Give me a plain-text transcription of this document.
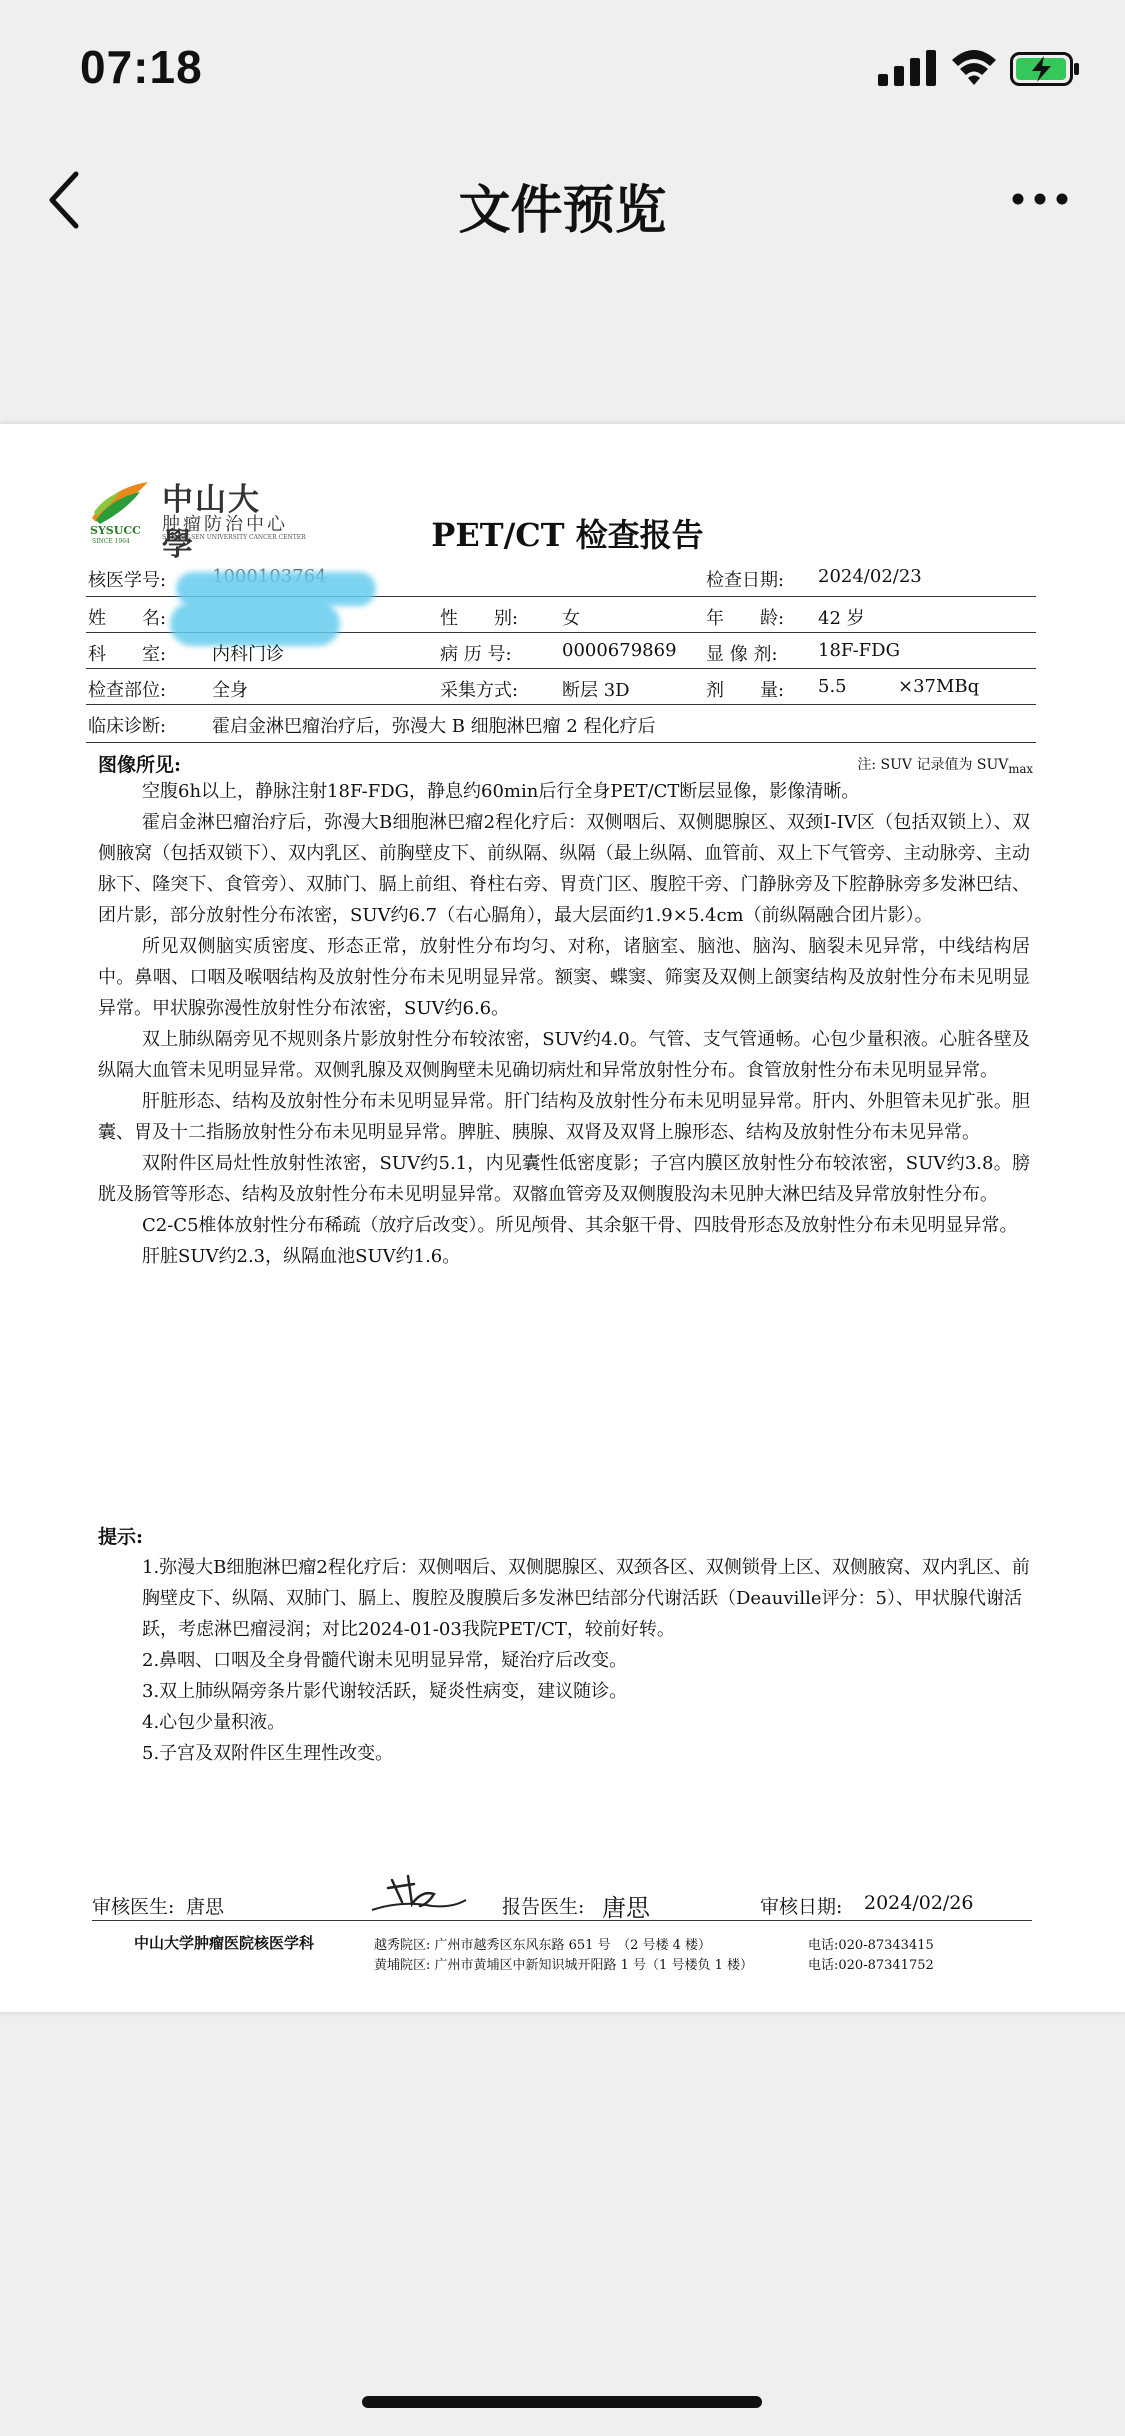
07:18
文件预览
SYSUCC
SINCE 1964
中山大學
肿瘤防治中心
SUN YAT-SEN UNIVERSITY CANCER CENTER	PET/CT 检查报告
核医学号:	检查日期: 2024/02/23
姓　　名:	性　　别: 女	年　　龄: 42 岁
科　　室:	内科门诊	病 历 号:	0000679869 显 像 剂: 18F-FDG
检查部位:	全身	采集方式: 断层 3D	剂　　量: 5.5	×37MBq
临床诊断:	霍启金淋巴瘤治疗后，弥漫大 B 细胞淋巴瘤 2 程化疗后
图像所见:	注: SUV 记录值为 $SUV_{max}$

空腹6h以上，静脉注射18F-FDG，静息约60min后行全身PET/CT断层显像，影像清晰。

霍启金淋巴瘤治疗后，弥漫大B细胞淋巴瘤2程化疗后：双侧咽后、双侧腮腺区、双颈I-IV区（包括双锁上）、双侧腋窝（包括双锁下）、双内乳区、前胸壁皮下、前纵隔、纵隔（最上纵隔、血管前、双上下气管旁、主动脉旁、主动脉下、隆突下、食管旁）、双肺门、膈上前组、脊柱右旁、胃贲门区、腹腔干旁、门静脉旁及下腔静脉旁多发淋巴结、团片影，部分放射性分布浓密，SUV约6.7（右心膈角），最大层面约1.9×5.4cm（前纵隔融合团片影）。

所见双侧脑实质密度、形态正常，放射性分布均匀、对称，诸脑室、脑池、脑沟、脑裂未见异常，中线结构居中。鼻咽、口咽及喉咽结构及放射性分布未见明显异常。额窦、蝶窦、筛窦及双侧上颌窦结构及放射性分布未见明显异常。甲状腺弥漫性放射性分布浓密，SUV约6.6。

双上肺纵隔旁见不规则条片影放射性分布较浓密，SUV约4.0。气管、支气管通畅。心包少量积液。心脏各壁及纵隔大血管未见明显异常。双侧乳腺及双侧胸壁未见确切病灶和异常放射性分布。食管放射性分布未见明显异常。

肝脏形态、结构及放射性分布未见明显异常。肝门结构及放射性分布未见明显异常。肝内、外胆管未见扩张。胆囊、胃及十二指肠放射性分布未见明显异常。脾脏、胰腺、双肾及双肾上腺形态、结构及放射性分布未见异常。

双附件区局灶性放射性浓密，SUV约5.1，内见囊性低密度影；子宫内膜区放射性分布较浓密，SUV约3.8。膀胱及肠管等形态、结构及放射性分布未见明显异常。双髂血管旁及双侧腹股沟未见肿大淋巴结及异常放射性分布。

C2-C5椎体放射性分布稀疏（放疗后改变）。所见颅骨、其余躯干骨、四肢骨形态及放射性分布未见明显异常。

肝脏SUV约2.3，纵隔血池SUV约1.6。

提示:

1.弥漫大B细胞淋巴瘤2程化疗后：双侧咽后、双侧腮腺区、双颈各区、双侧锁骨上区、双侧腋窝、双内乳区、前胸壁皮下、纵隔、双肺门、膈上、腹腔及腹膜后多发淋巴结部分代谢活跃（Deauville评分：5）、甲状腺代谢活跃，考虑淋巴瘤浸润；对比2024-01-03我院PET/CT，较前好转。

2.鼻咽、口咽及全身骨髓代谢未见明显异常，疑治疗后改变。

3.双上肺纵隔旁条片影代谢较活跃，疑炎性病变，建议随诊。

4.心包少量积液。

5.子宫及双附件区生理性改变。

审核医生: 唐思	报告医生: 唐思	审核日期: 2024/02/26
中山大学肿瘤医院核医学科	越秀院区: 广州市越秀区东风东路 651 号　（2 号楼 4 楼）
黄埔院区: 广州市黄埔区中新知识城开阳路 1 号（1 号楼负 1 楼）
电话:020-87343415
电话:020-87341752
